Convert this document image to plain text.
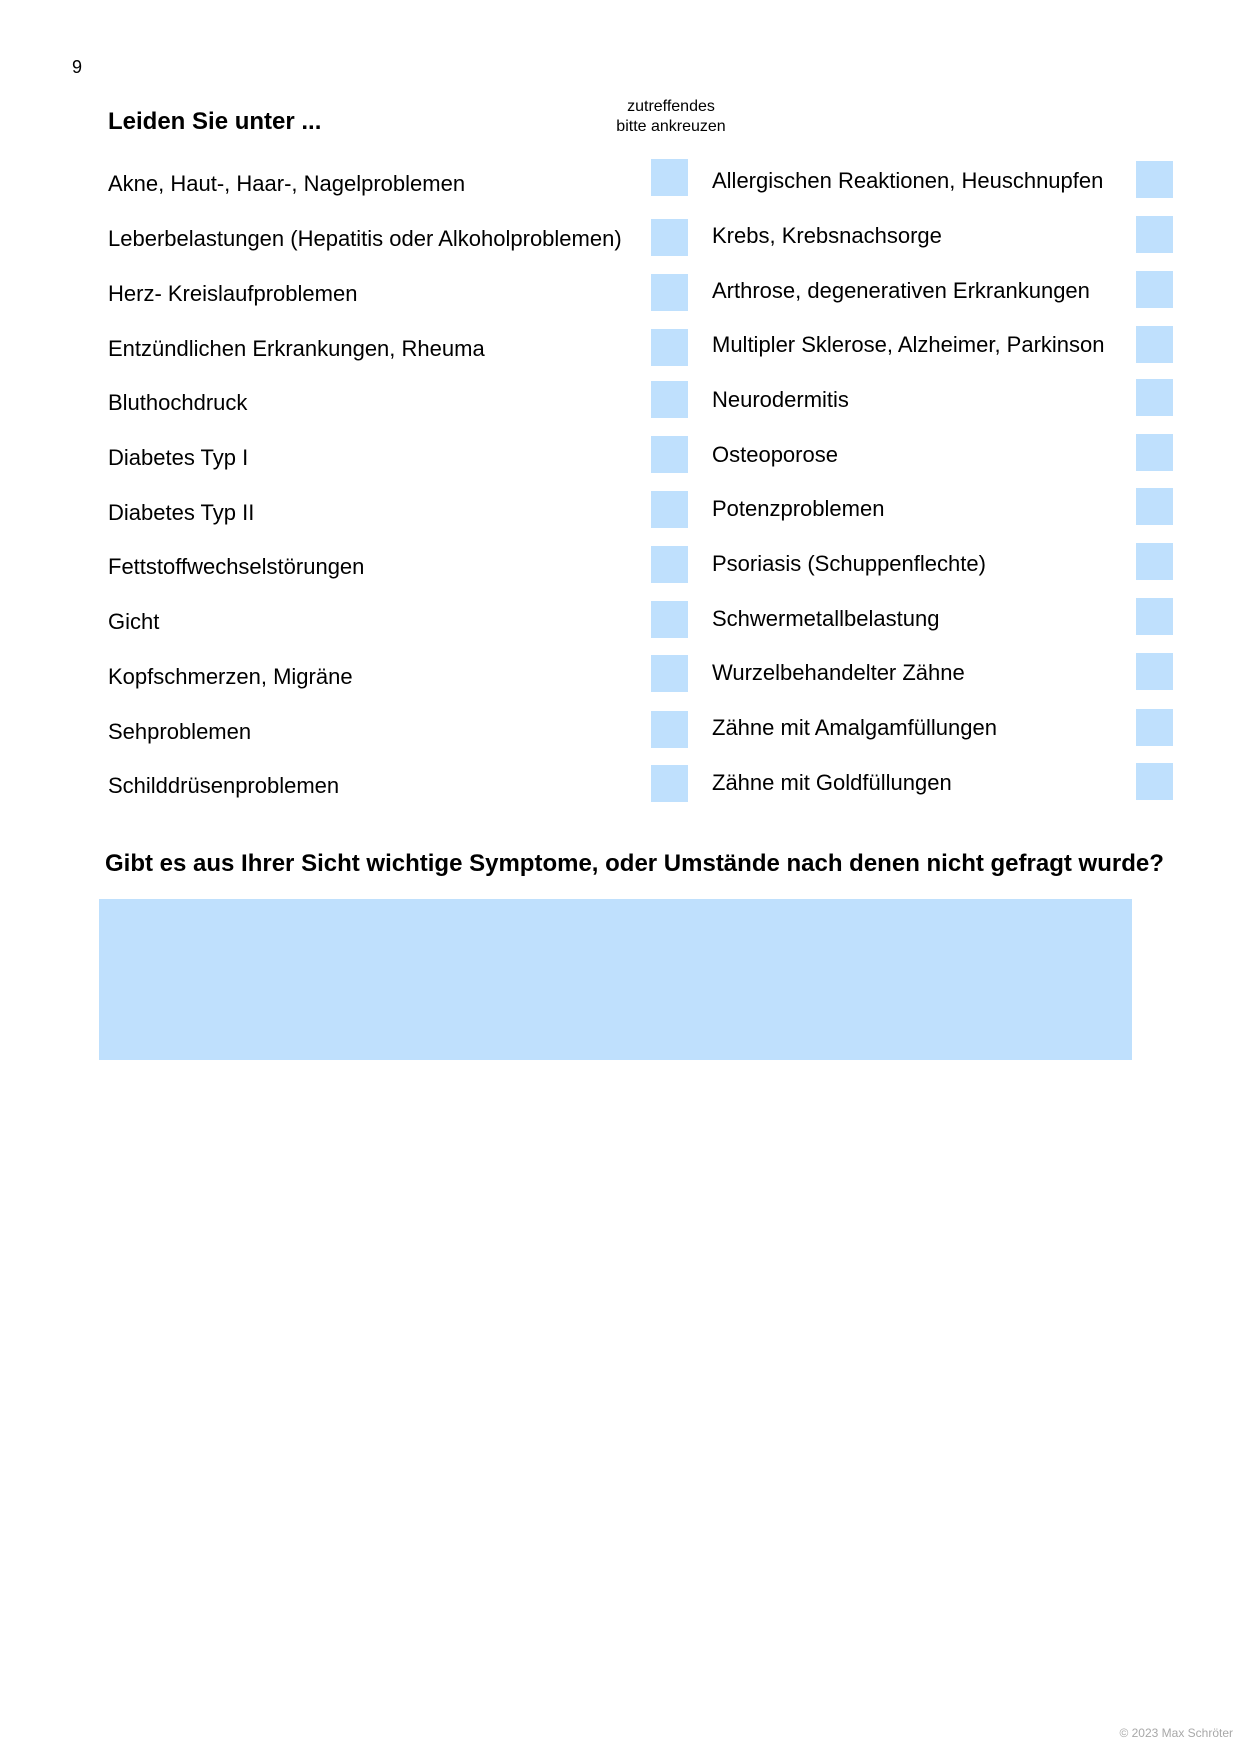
9
Leiden Sie unter ...
zutreffendes
bitte ankreuzen
Akne, Haut-, Haar-, Nagelproblemen
Leberbelastungen (Hepatitis oder Alkoholproblemen)
Herz- Kreislaufproblemen
Entzündlichen Erkrankungen, Rheuma
Bluthochdruck
Diabetes Typ I
Diabetes Typ II
Fettstoffwechselstörungen
Gicht
Kopfschmerzen, Migräne
Sehproblemen
Schilddrüsenproblemen
Allergischen Reaktionen, Heuschnupfen
Krebs, Krebsnachsorge
Arthrose, degenerativen Erkrankungen
Multipler Sklerose, Alzheimer, Parkinson
Neurodermitis
Osteoporose
Potenzproblemen
Psoriasis (Schuppenflechte)
Schwermetallbelastung
Wurzelbehandelter Zähne
Zähne mit Amalgamfüllungen
Zähne mit Goldfüllungen
Gibt es aus Ihrer Sicht wichtige Symptome, oder Umstände nach denen nicht gefragt wurde?
© 2023 Max Schröter
